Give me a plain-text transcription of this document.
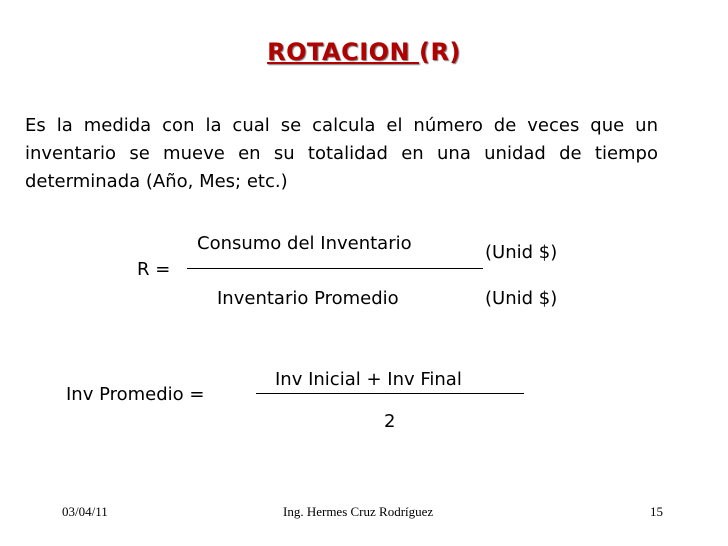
ROTACION (R)
Es la medida con la cual se calcula el número de veces que un inventario se mueve en su totalidad en una unidad de tiempo determinada (Año, Mes; etc.)
R =
Consumo del Inventario
Inventario Promedio
(Unid $)
(Unid $)
Inv Promedio =
Inv Inicial + Inv Final
2
03/04/11	Ing. Hermes Cruz Rodríguez	15
